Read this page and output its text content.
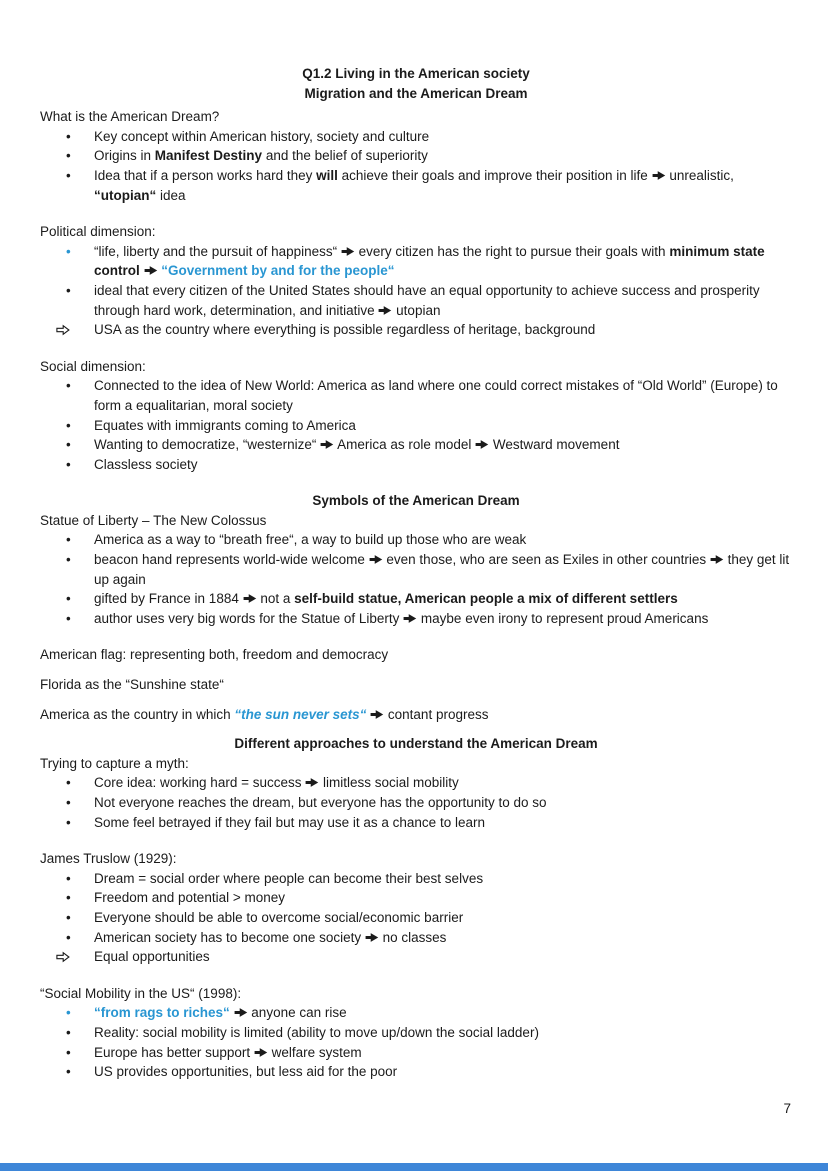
Q1.2 Living in the American society
Migration and the American Dream
What is the American Dream?
• Key concept within American history, society and culture
• Origins in Manifest Destiny and the belief of superiority
• Idea that if a person works hard they will achieve their goals and improve their position in life  unrealistic, “utopian“ idea
Political dimension:
• “life, liberty and the pursuit of happiness“  every citizen has the right to pursue their goals with minimum state control  “Government by and for the people“
• ideal that every citizen of the United States should have an equal opportunity to achieve success and prosperity through hard work, determination, and initiative  utopian
USA as the country where everything is possible regardless of heritage, background
Social dimension:
• Connected to the idea of New World: America as land where one could correct mistakes of “Old World” (Europe) to form a equalitarian, moral society
• Equates with immigrants coming to America
• Wanting to democratize, “westernize“  America as role model  Westward movement
• Classless society
Symbols of the American Dream
Statue of Liberty – The New Colossus
• America as a way to “breath free“, a way to build up those who are weak
• beacon hand represents world-wide welcome  even those, who are seen as Exiles in other countries  they get lit up again
• gifted by France in 1884  not a self-build statue, American people a mix of different settlers
• author uses very big words for the Statue of Liberty  maybe even irony to represent proud Americans
American flag: representing both, freedom and democracy
Florida as the “Sunshine state“
America as the country in which “the sun never sets“  contant progress
Different approaches to understand the American Dream
Trying to capture a myth:
• Core idea: working hard = success  limitless social mobility
• Not everyone reaches the dream, but everyone has the opportunity to do so
• Some feel betrayed if they fail but may use it as a chance to learn
James Truslow (1929):
• Dream = social order where people can become their best selves
• Freedom and potential > money
• Everyone should be able to overcome social/economic barrier
• American society has to become one society  no classes
Equal opportunities
“Social Mobility in the US“ (1998):
• “from rags to riches“  anyone can rise
• Reality: social mobility is limited (ability to move up/down the social ladder)
• Europe has better support  welfare system
• US provides opportunities, but less aid for the poor
7
